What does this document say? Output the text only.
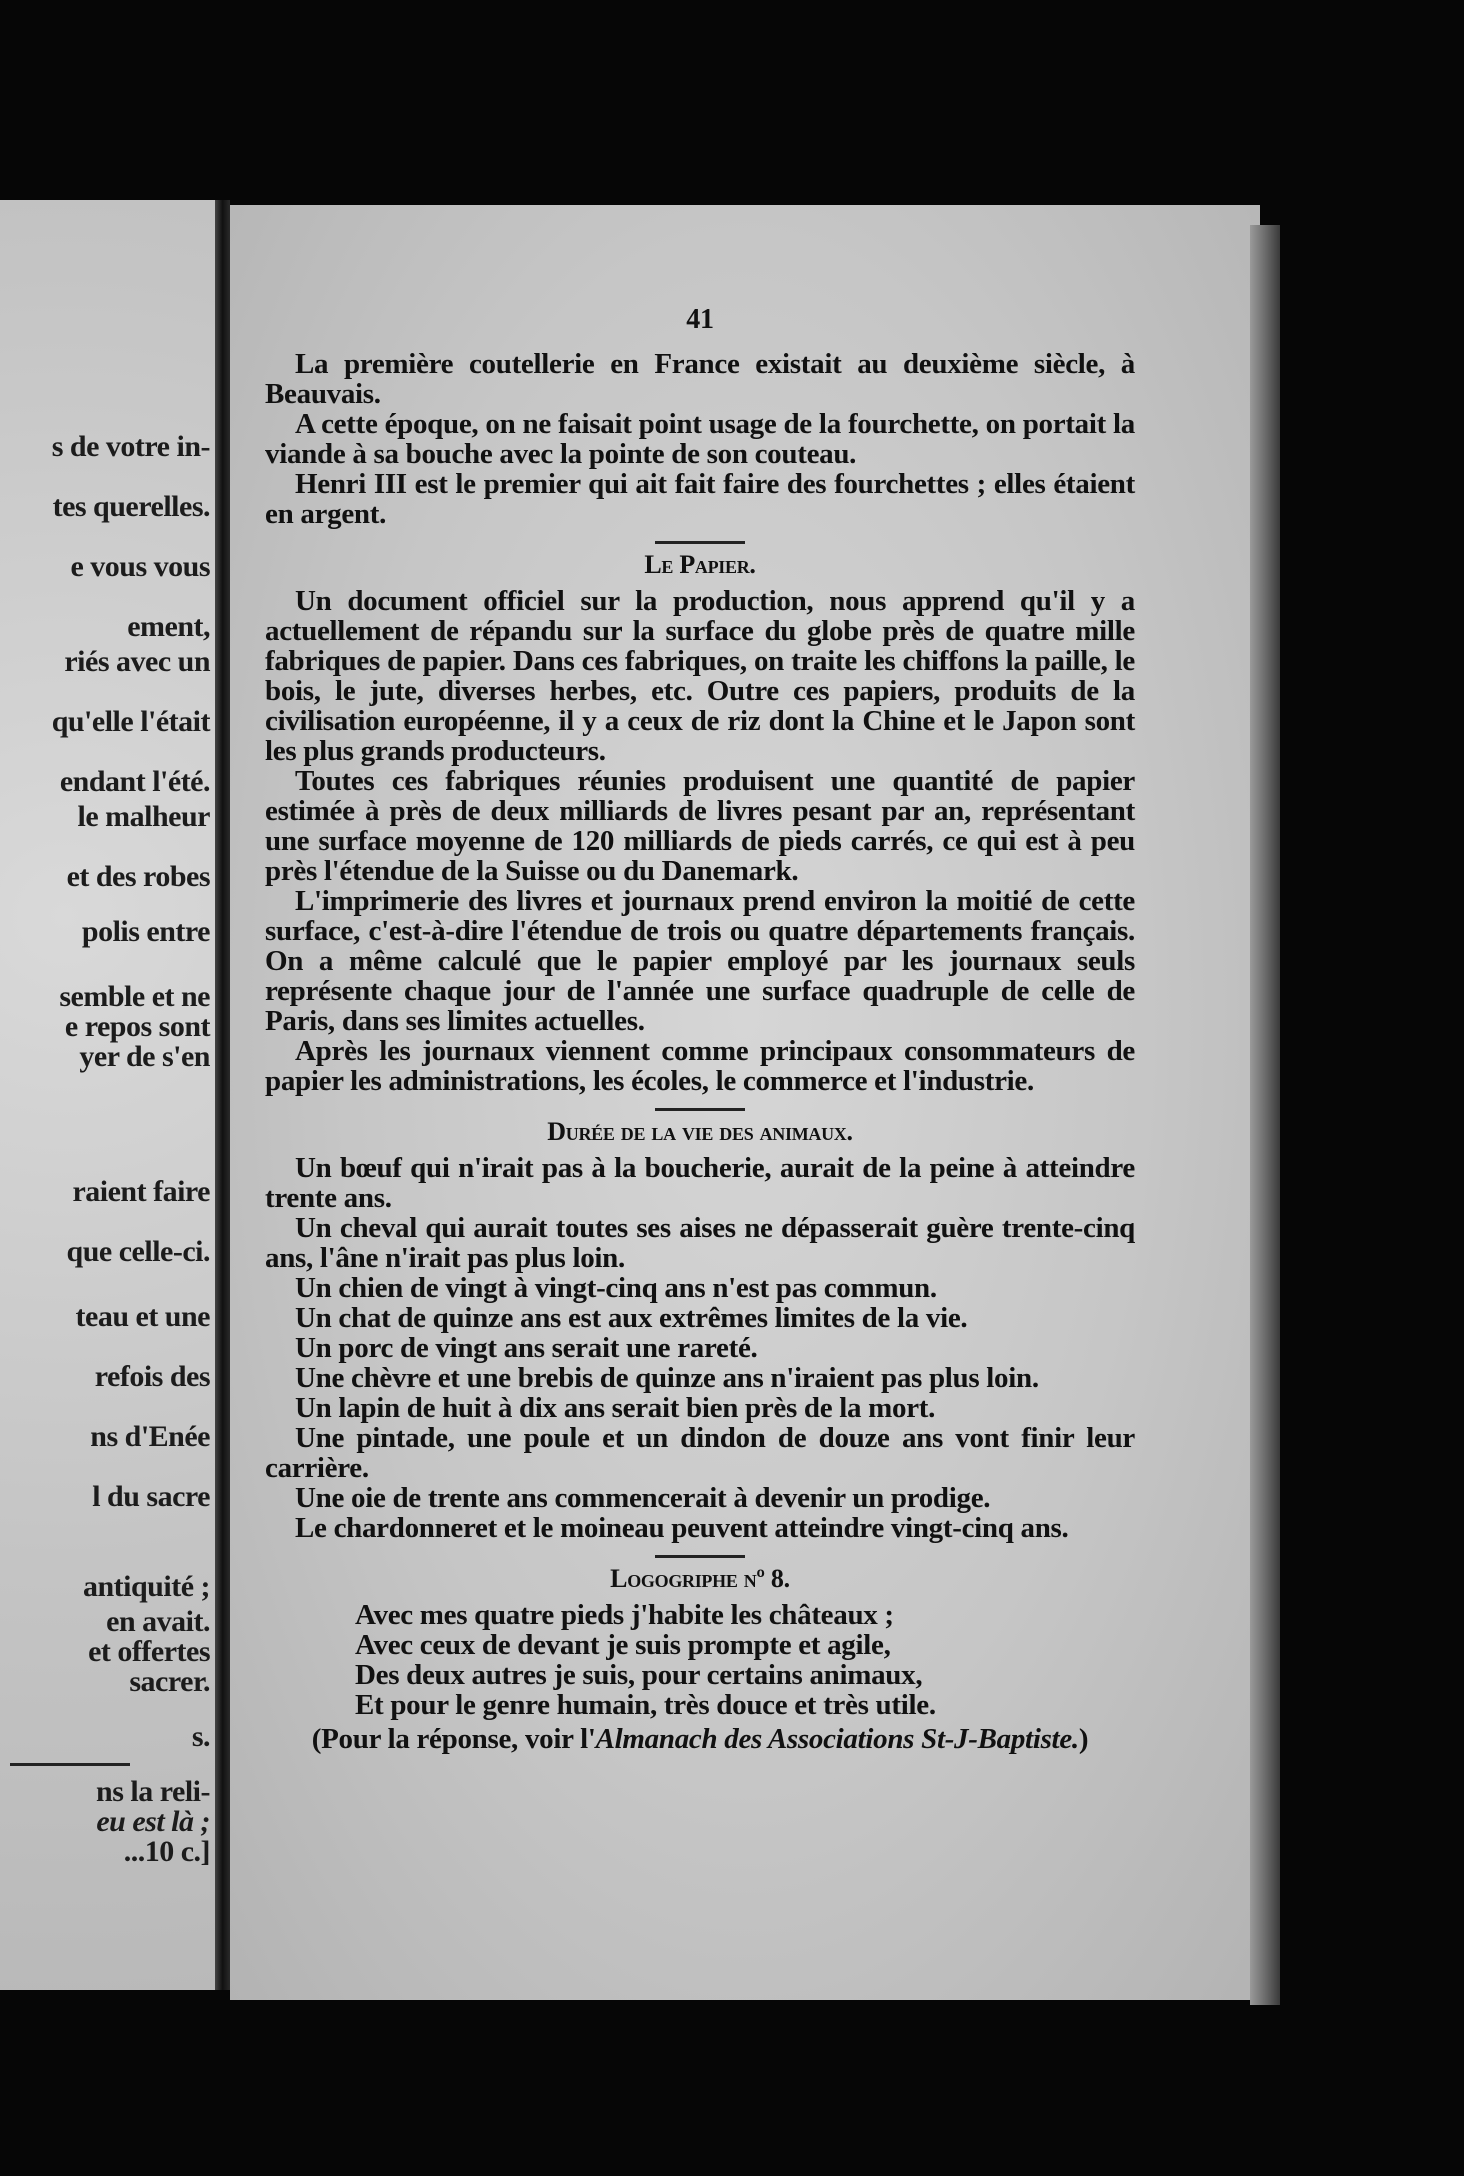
s de votre in-
tes querelles.
e vous vous
ement,
riés avec un
qu'elle l'était
endant l'été.
le malheur
et des robes
polis entre
semble et ne
e repos sont
yer de s'en
raient faire
que celle-ci.
teau et une
refois des
ns d'Enée
l du sacre
antiquité ;
en avait.
et offertes
sacrer.
s.
ns la reli-
eu est là ;
...10 c.]
41

La première coutellerie en France existait au deuxième siècle, à Beauvais.

A cette époque, on ne faisait point usage de la fourchette, on portait la viande à sa bouche avec la pointe de son couteau.

Henri III est le premier qui ait fait faire des fourchettes ; elles étaient en argent.

Le Papier.

Un document officiel sur la production, nous apprend qu'il y a actuellement de répandu sur la surface du globe près de quatre mille fabriques de papier. Dans ces fabriques, on traite les chiffons la paille, le bois, le jute, diverses herbes, etc. Outre ces papiers, produits de la civilisation européenne, il y a ceux de riz dont la Chine et le Japon sont les plus grands producteurs.

Toutes ces fabriques réunies produisent une quantité de papier estimée à près de deux milliards de livres pesant par an, représentant une surface moyenne de 120 milliards de pieds carrés, ce qui est à peu près l'étendue de la Suisse ou du Danemark.

L'imprimerie des livres et journaux prend environ la moitié de cette surface, c'est-à-dire l'étendue de trois ou quatre départements français. On a même calculé que le papier employé par les journaux seuls représente chaque jour de l'année une surface quadruple de celle de Paris, dans ses limites actuelles.

Après les journaux viennent comme principaux consommateurs de papier les administrations, les écoles, le commerce et l'industrie.

Durée de la vie des animaux.

Un bœuf qui n'irait pas à la boucherie, aurait de la peine à atteindre trente ans.

Un cheval qui aurait toutes ses aises ne dépasserait guère trente-cinq ans, l'âne n'irait pas plus loin.

Un chien de vingt à vingt-cinq ans n'est pas commun.

Un chat de quinze ans est aux extrêmes limites de la vie.

Un porc de vingt ans serait une rareté.

Une chèvre et une brebis de quinze ans n'iraient pas plus loin.

Un lapin de huit à dix ans serait bien près de la mort.

Une pintade, une poule et un dindon de douze ans vont finir leur carrière.

Une oie de trente ans commencerait à devenir un prodige.

Le chardonneret et le moineau peuvent atteindre vingt-cinq ans.

Logogriphe nº 8.
Avec mes quatre pieds j'habite les châteaux ;
Avec ceux de devant je suis prompte et agile,
Des deux autres je suis, pour certains animaux,
Et pour le genre humain, très douce et très utile.
(Pour la réponse, voir l'Almanach des Associations St-J-Baptiste.)
